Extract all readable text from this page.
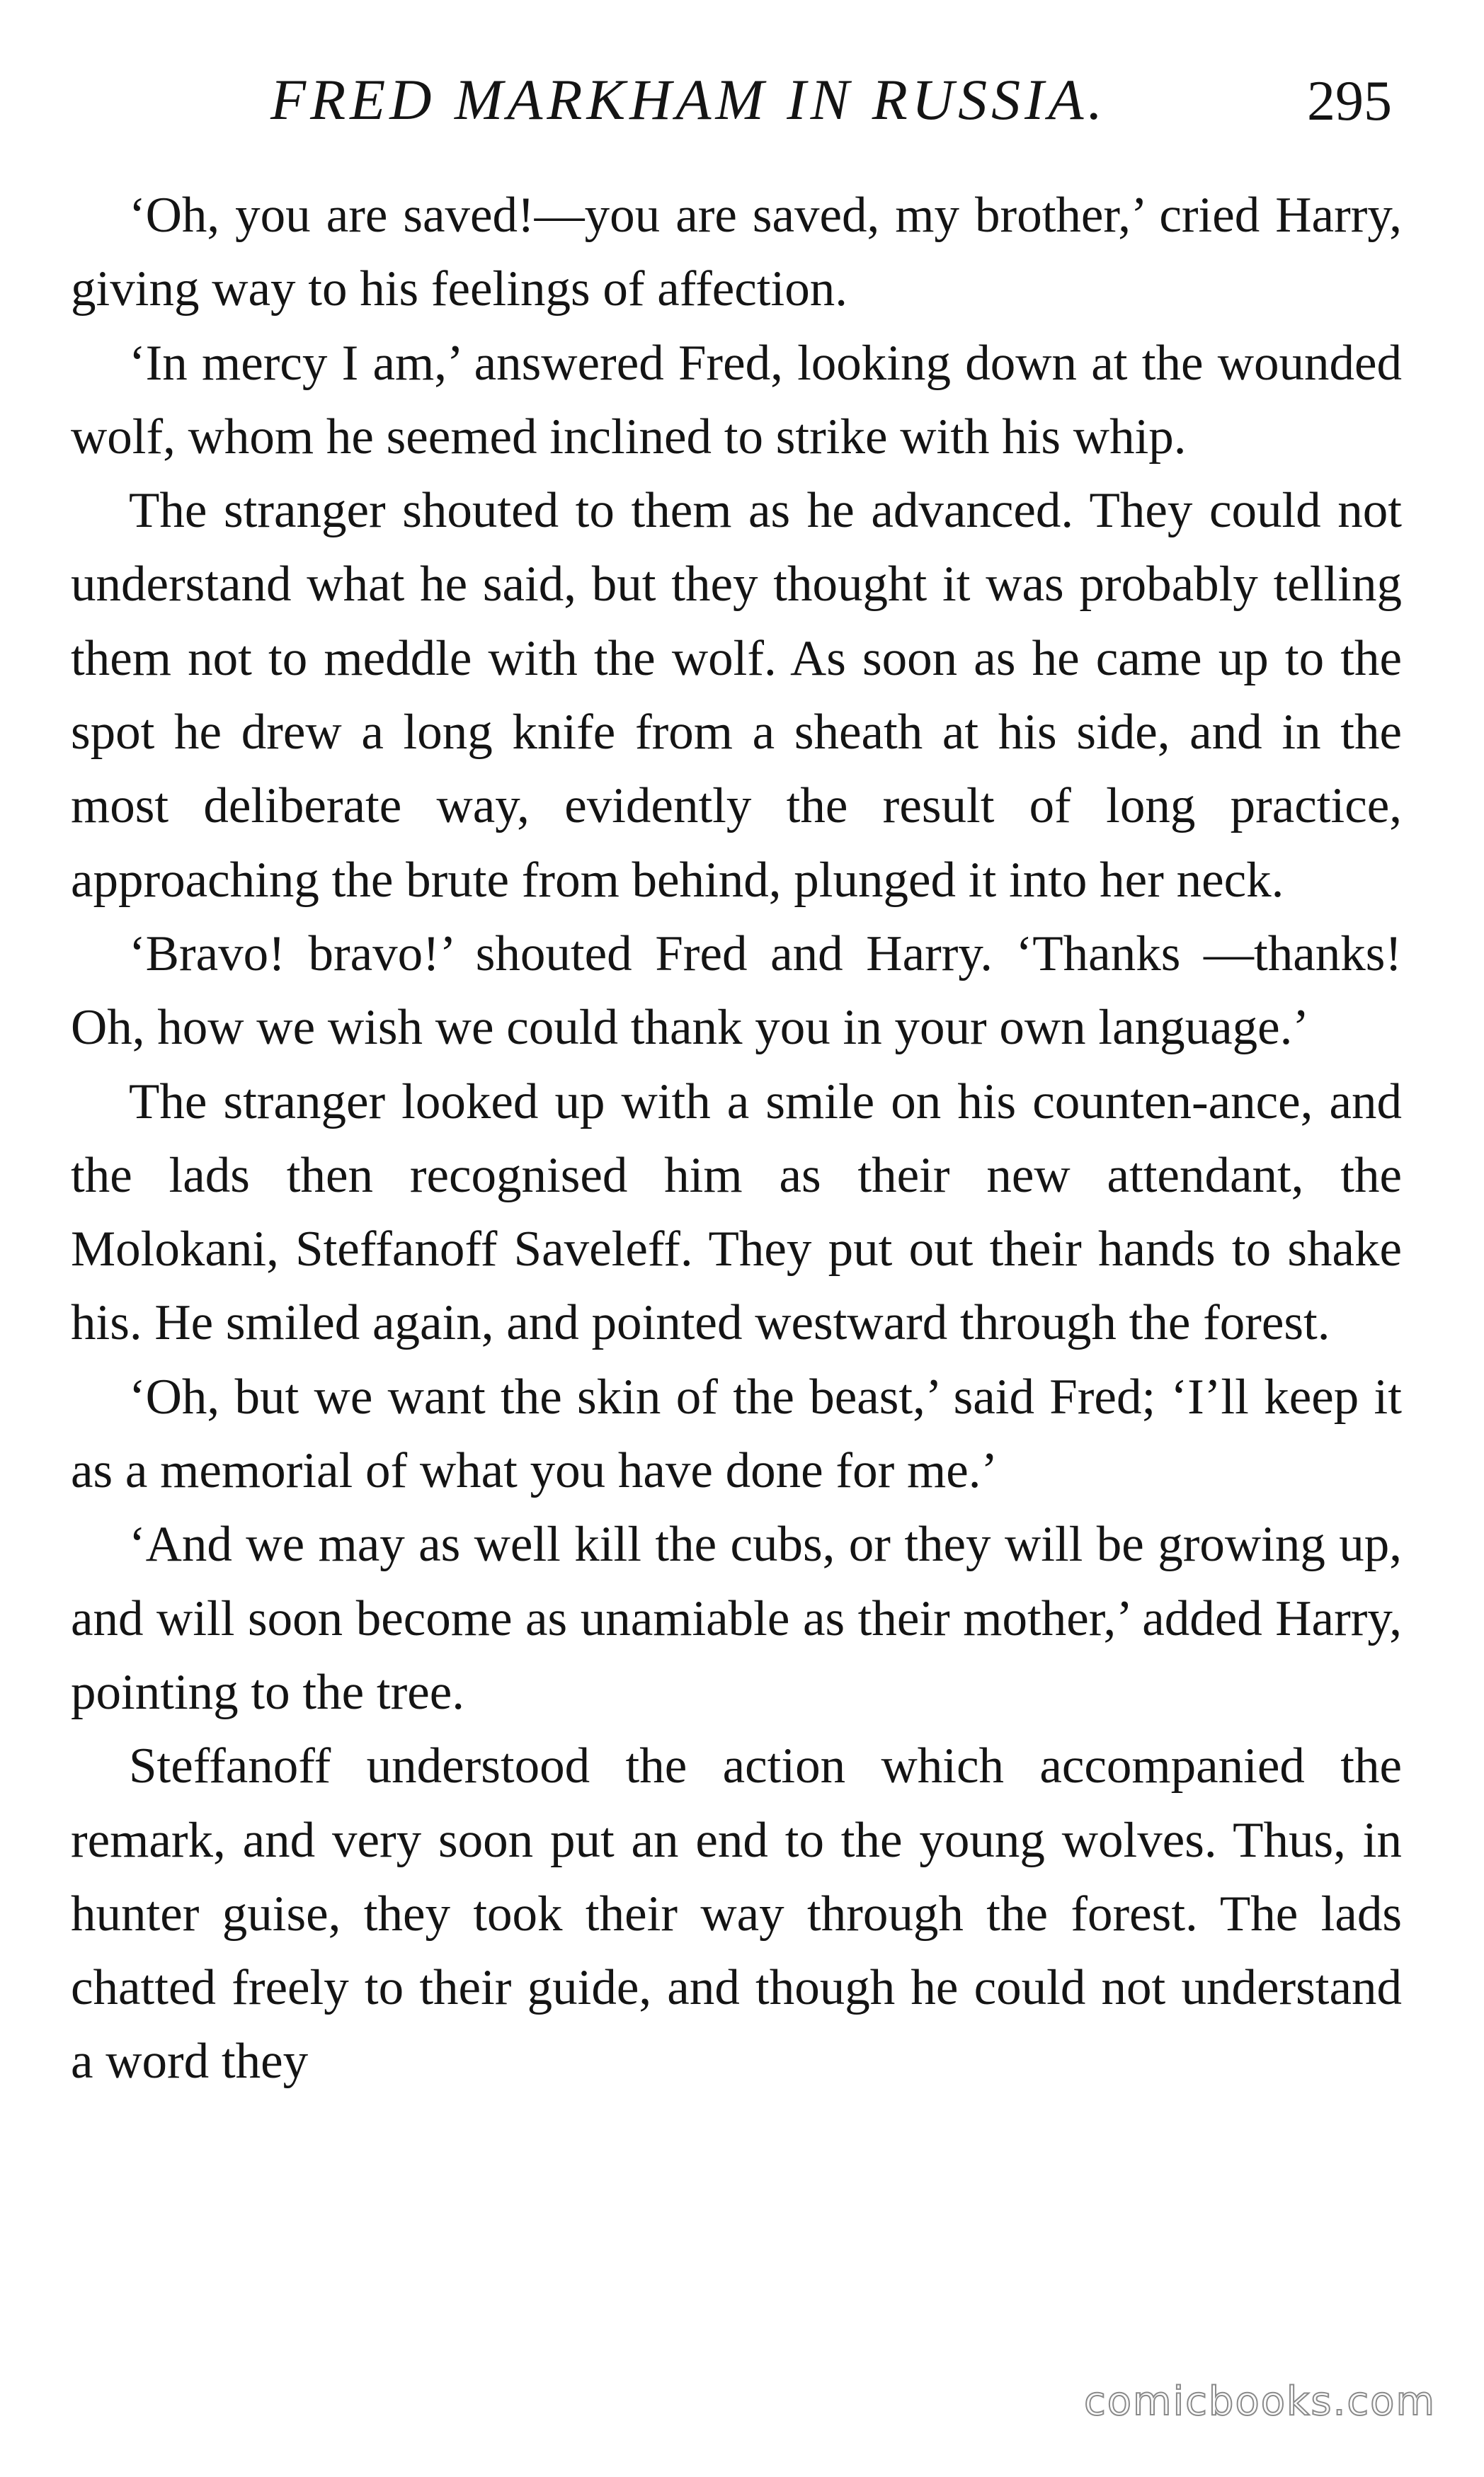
FRED MARKHAM IN RUSSIA.	295

‘Oh, you are saved!—you are saved, my brother,’ cried Harry, giving way to his feelings of affection.

‘In mercy I am,’ answered Fred, looking down at the wounded wolf, whom he seemed inclined to strike with his whip.

The stranger shouted to them as he advanced. They could not understand what he said, but they thought it was probably telling them not to meddle with the wolf. As soon as he came up to the spot he drew a long knife from a sheath at his side, and in the most deliberate way, evidently the result of long practice, approaching the brute from behind, plunged it into her neck.

‘Bravo! bravo!’ shouted Fred and Harry. ‘Thanks —thanks! Oh, how we wish we could thank you in your own language.’

The stranger looked up with a smile on his counten-ance, and the lads then recognised him as their new attendant, the Molokani, Steffanoff Saveleff. They put out their hands to shake his. He smiled again, and pointed westward through the forest.

‘Oh, but we want the skin of the beast,’ said Fred; ‘I’ll keep it as a memorial of what you have done for me.’

‘And we may as well kill the cubs, or they will be growing up, and will soon become as unamiable as their mother,’ added Harry, pointing to the tree.

Steffanoff understood the action which accompanied the remark, and very soon put an end to the young wolves. Thus, in hunter guise, they took their way through the forest. The lads chatted freely to their guide, and though he could not understand a word they

comicbooks.com
